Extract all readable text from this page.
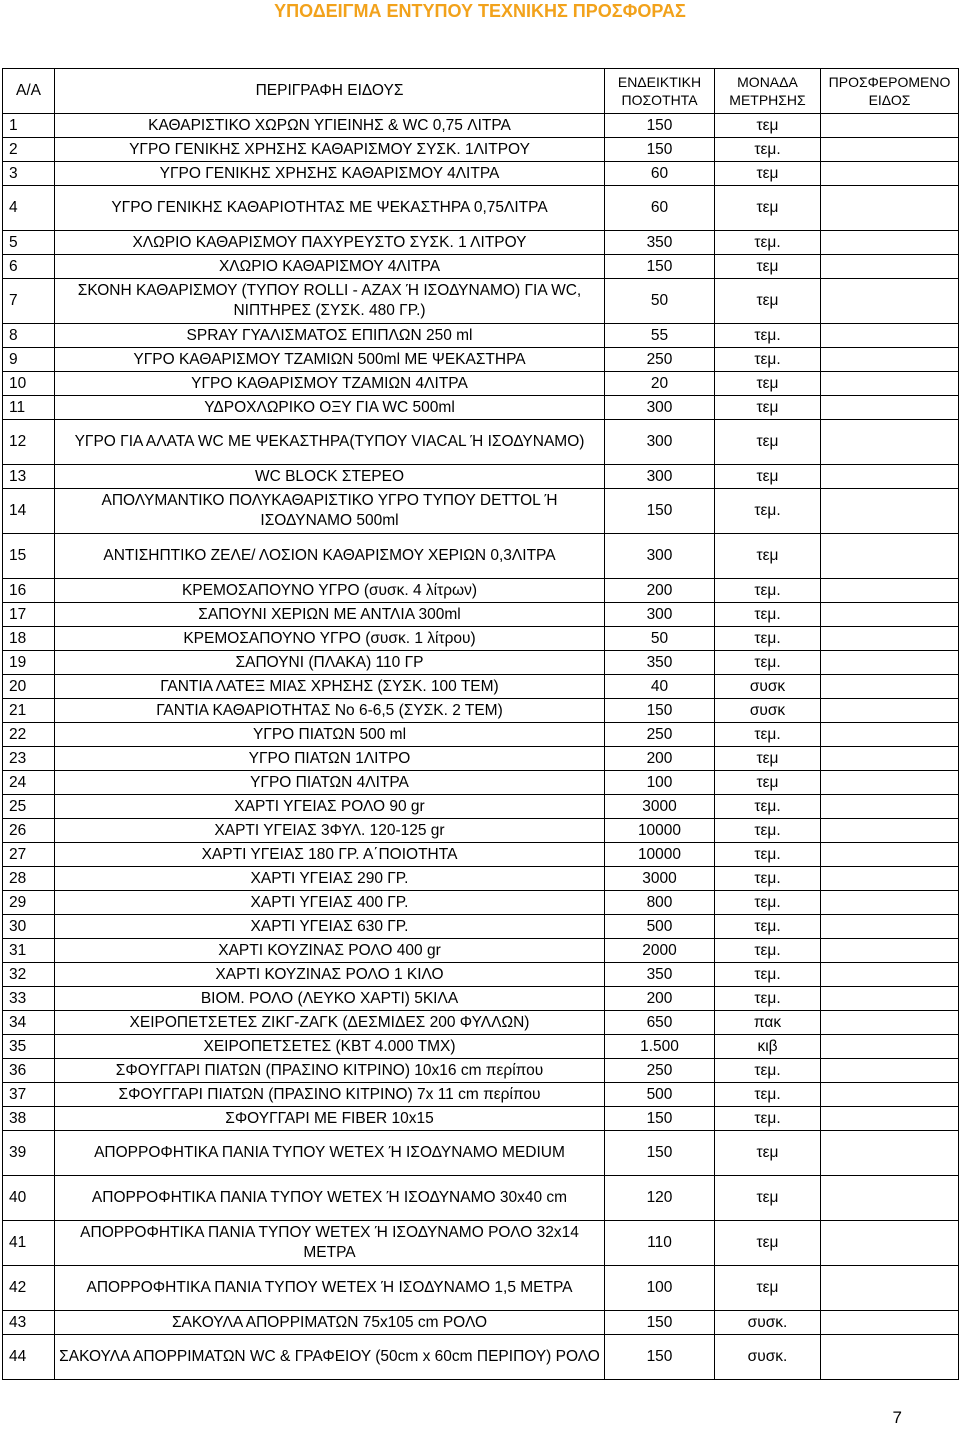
ΥΠΟΔΕΙΓΜΑ ΕΝΤΥΠΟΥ ΤΕΧΝΙΚΗΣ ΠΡΟΣΦΟΡΑΣ
Α/Α	ΠΕΡΙΓΡΑΦΗ ΕΙΔΟΥΣ	ΕΝΔΕΙΚΤΙΚΗ ΠΟΣΟΤΗΤΑ	ΜΟΝΑΔΑ ΜΕΤΡΗΣΗΣ	ΠΡΟΣΦΕΡΟΜΕΝΟ ΕΙΔΟΣ
1	ΚΑΘΑΡΙΣΤΙΚΟ ΧΩΡΩΝ ΥΓΙΕΙΝΗΣ & WC 0,75 ΛΙΤΡΑ	150	τεμ	
2	ΥΓΡΟ ΓΕΝΙΚΗΣ ΧΡΗΣΗΣ ΚΑΘΑΡΙΣΜΟΥ ΣΥΣΚ. 1ΛΙΤΡΟΥ	150	τεμ.	
3	ΥΓΡΟ ΓΕΝΙΚΗΣ ΧΡΗΣΗΣ ΚΑΘΑΡΙΣΜΟΥ 4ΛΙΤΡΑ	60	τεμ	
4	ΥΓΡΟ ΓΕΝΙΚΗΣ ΚΑΘΑΡΙΟΤΗΤΑΣ ΜΕ ΨΕΚΑΣΤΗΡΑ 0,75ΛΙΤΡΑ	60	τεμ	
5	ΧΛΩΡΙΟ ΚΑΘΑΡΙΣΜΟΥ ΠΑΧΥΡΕΥΣΤΟ ΣΥΣΚ. 1 ΛΙΤΡΟΥ	350	τεμ.	
6	ΧΛΩΡΙΟ ΚΑΘΑΡΙΣΜΟΥ 4ΛΙΤΡΑ	150	τεμ	
7	ΣΚΟΝΗ ΚΑΘΑΡΙΣΜΟΥ (ΤΥΠΟΥ ROLLI - AZAX Ή ΙΣΟΔΥΝΑΜΟ) ΓΙΑ WC, ΝΙΠΤΗΡΕΣ (ΣΥΣΚ. 480 ΓΡ.)	50	τεμ	
8	SPRAY ΓΥΑΛΙΣΜΑΤΟΣ ΕΠΙΠΛΩΝ 250 ml	55	τεμ.	
9	ΥΓΡΟ ΚΑΘΑΡΙΣΜΟΥ ΤΖΑΜΙΩΝ 500ml ΜΕ ΨΕΚΑΣΤΗΡΑ	250	τεμ.	
10	ΥΓΡΟ ΚΑΘΑΡΙΣΜΟΥ ΤΖΑΜΙΩΝ 4ΛΙΤΡΑ	20	τεμ	
11	ΥΔΡΟΧΛΩΡΙΚΟ ΟΞΥ ΓΙΑ WC 500ml	300	τεμ	
12	ΥΓΡΟ ΓΙΑ ΑΛΑΤΑ WC ΜΕ ΨΕΚΑΣΤΗΡΑ(ΤΥΠΟΥ VIACAL Ή ΙΣΟΔΥΝΑΜΟ)	300	τεμ	
13	WC BLOCK ΣΤΕΡΕΟ	300	τεμ	
14	ΑΠΟΛΥΜΑΝΤΙΚΟ ΠΟΛΥΚΑΘΑΡΙΣΤΙΚΟ ΥΓΡΟ ΤΥΠΟΥ DETTOL Ή ΙΣΟΔΥΝΑΜΟ 500ml	150	τεμ.	
15	ΑΝΤΙΣΗΠΤΙΚΟ ΖΕΛΕ/ ΛΟΣΙΟΝ ΚΑΘΑΡΙΣΜΟΥ ΧΕΡΙΩΝ 0,3ΛΙΤΡΑ	300	τεμ	
16	ΚΡΕΜΟΣΑΠΟΥΝΟ ΥΓΡΟ (συσκ. 4 λίτρων)	200	τεμ.	
17	ΣΑΠΟΥΝΙ ΧΕΡΙΩΝ ΜΕ ΑΝΤΛΙΑ 300ml	300	τεμ.	
18	ΚΡΕΜΟΣΑΠΟΥΝΟ ΥΓΡΟ (συσκ. 1 λίτρου)	50	τεμ.	
19	ΣΑΠΟΥΝΙ (ΠΛΑΚΑ) 110 ΓΡ	350	τεμ.	
20	ΓΑΝΤΙΑ ΛΑΤΕΞ ΜΙΑΣ ΧΡΗΣΗΣ (ΣΥΣΚ. 100 ΤΕΜ)	40	συσκ	
21	ΓΑΝΤΙΑ ΚΑΘΑΡΙΟΤΗΤΑΣ Νο 6-6,5 (ΣΥΣΚ. 2 ΤΕΜ)	150	συσκ	
22	ΥΓΡΟ ΠΙΑΤΩΝ 500 ml	250	τεμ.	
23	ΥΓΡΟ ΠΙΑΤΩΝ 1ΛΙΤΡΟ	200	τεμ	
24	ΥΓΡΟ ΠΙΑΤΩΝ 4ΛΙΤΡΑ	100	τεμ	
25	ΧΑΡΤΙ ΥΓΕΙΑΣ ΡΟΛΟ 90 gr	3000	τεμ.	
26	ΧΑΡΤΙ ΥΓΕΙΑΣ 3ΦΥΛ. 120-125 gr	10000	τεμ.	
27	ΧΑΡΤΙ ΥΓΕΙΑΣ 180 ΓΡ. Α΄ΠΟΙΟΤΗΤΑ	10000	τεμ.	
28	ΧΑΡΤΙ ΥΓΕΙΑΣ 290 ΓΡ.	3000	τεμ.	
29	ΧΑΡΤΙ ΥΓΕΙΑΣ 400 ΓΡ.	800	τεμ.	
30	ΧΑΡΤΙ ΥΓΕΙΑΣ 630 ΓΡ.	500	τεμ.	
31	ΧΑΡΤΙ ΚΟΥΖΙΝΑΣ ΡΟΛΟ 400 gr	2000	τεμ.	
32	ΧΑΡΤΙ ΚΟΥΖΙΝΑΣ ΡΟΛΟ 1 ΚΙΛΟ	350	τεμ.	
33	ΒΙΟΜ. ΡΟΛΟ (ΛΕΥΚΟ ΧΑΡΤΙ) 5ΚΙΛΑ	200	τεμ.	
34	ΧΕΙΡΟΠΕΤΣΕΤΕΣ ΖΙΚΓ-ΖΑΓΚ (ΔΕΣΜΙΔΕΣ 200 ΦΥΛΛΩΝ)	650	πακ	
35	ΧΕΙΡΟΠΕΤΣΕΤΕΣ (ΚΒΤ 4.000 ΤΜΧ)	1.500	κιβ	
36	ΣΦΟΥΓΓΑΡΙ ΠΙΑΤΩΝ (ΠΡΑΣΙΝΟ ΚΙΤΡΙΝΟ) 10x16 cm περίπου	250	τεμ.	
37	ΣΦΟΥΓΓΑΡΙ ΠΙΑΤΩΝ (ΠΡΑΣΙΝΟ ΚΙΤΡΙΝΟ) 7x 11 cm περίπου	500	τεμ.	
38	ΣΦΟΥΓΓΑΡΙ ΜΕ FIBER 10x15	150	τεμ.	
39	ΑΠΟΡΡΟΦΗΤΙΚΑ ΠΑΝΙΑ ΤΥΠΟΥ WETEX Ή ΙΣΟΔΥΝΑΜΟ MEDIUM	150	τεμ	
40	ΑΠΟΡΡΟΦΗΤΙΚΑ ΠΑΝΙΑ ΤΥΠΟΥ WETEX Ή ΙΣΟΔΥΝΑΜΟ 30x40 cm	120	τεμ	
41	ΑΠΟΡΡΟΦΗΤΙΚΑ ΠΑΝΙΑ ΤΥΠΟΥ WETEX Ή ΙΣΟΔΥΝΑΜΟ ΡΟΛΟ 32x14 ΜΕΤΡΑ	110	τεμ	
42	ΑΠΟΡΡΟΦΗΤΙΚΑ ΠΑΝΙΑ ΤΥΠΟΥ WETEX Ή ΙΣΟΔΥΝΑΜΟ 1,5 ΜΕΤΡΑ	100	τεμ	
43	ΣΑΚΟΥΛΑ ΑΠΟΡΡΙΜΑΤΩΝ 75x105 cm ΡΟΛΟ	150	συσκ.	
44	ΣΑΚΟΥΛΑ ΑΠΟΡΡΙΜΑΤΩΝ WC & ΓΡΑΦΕΙΟΥ (50cm x 60cm ΠΕΡΙΠΟΥ) ΡΟΛΟ	150	συσκ.	
7
